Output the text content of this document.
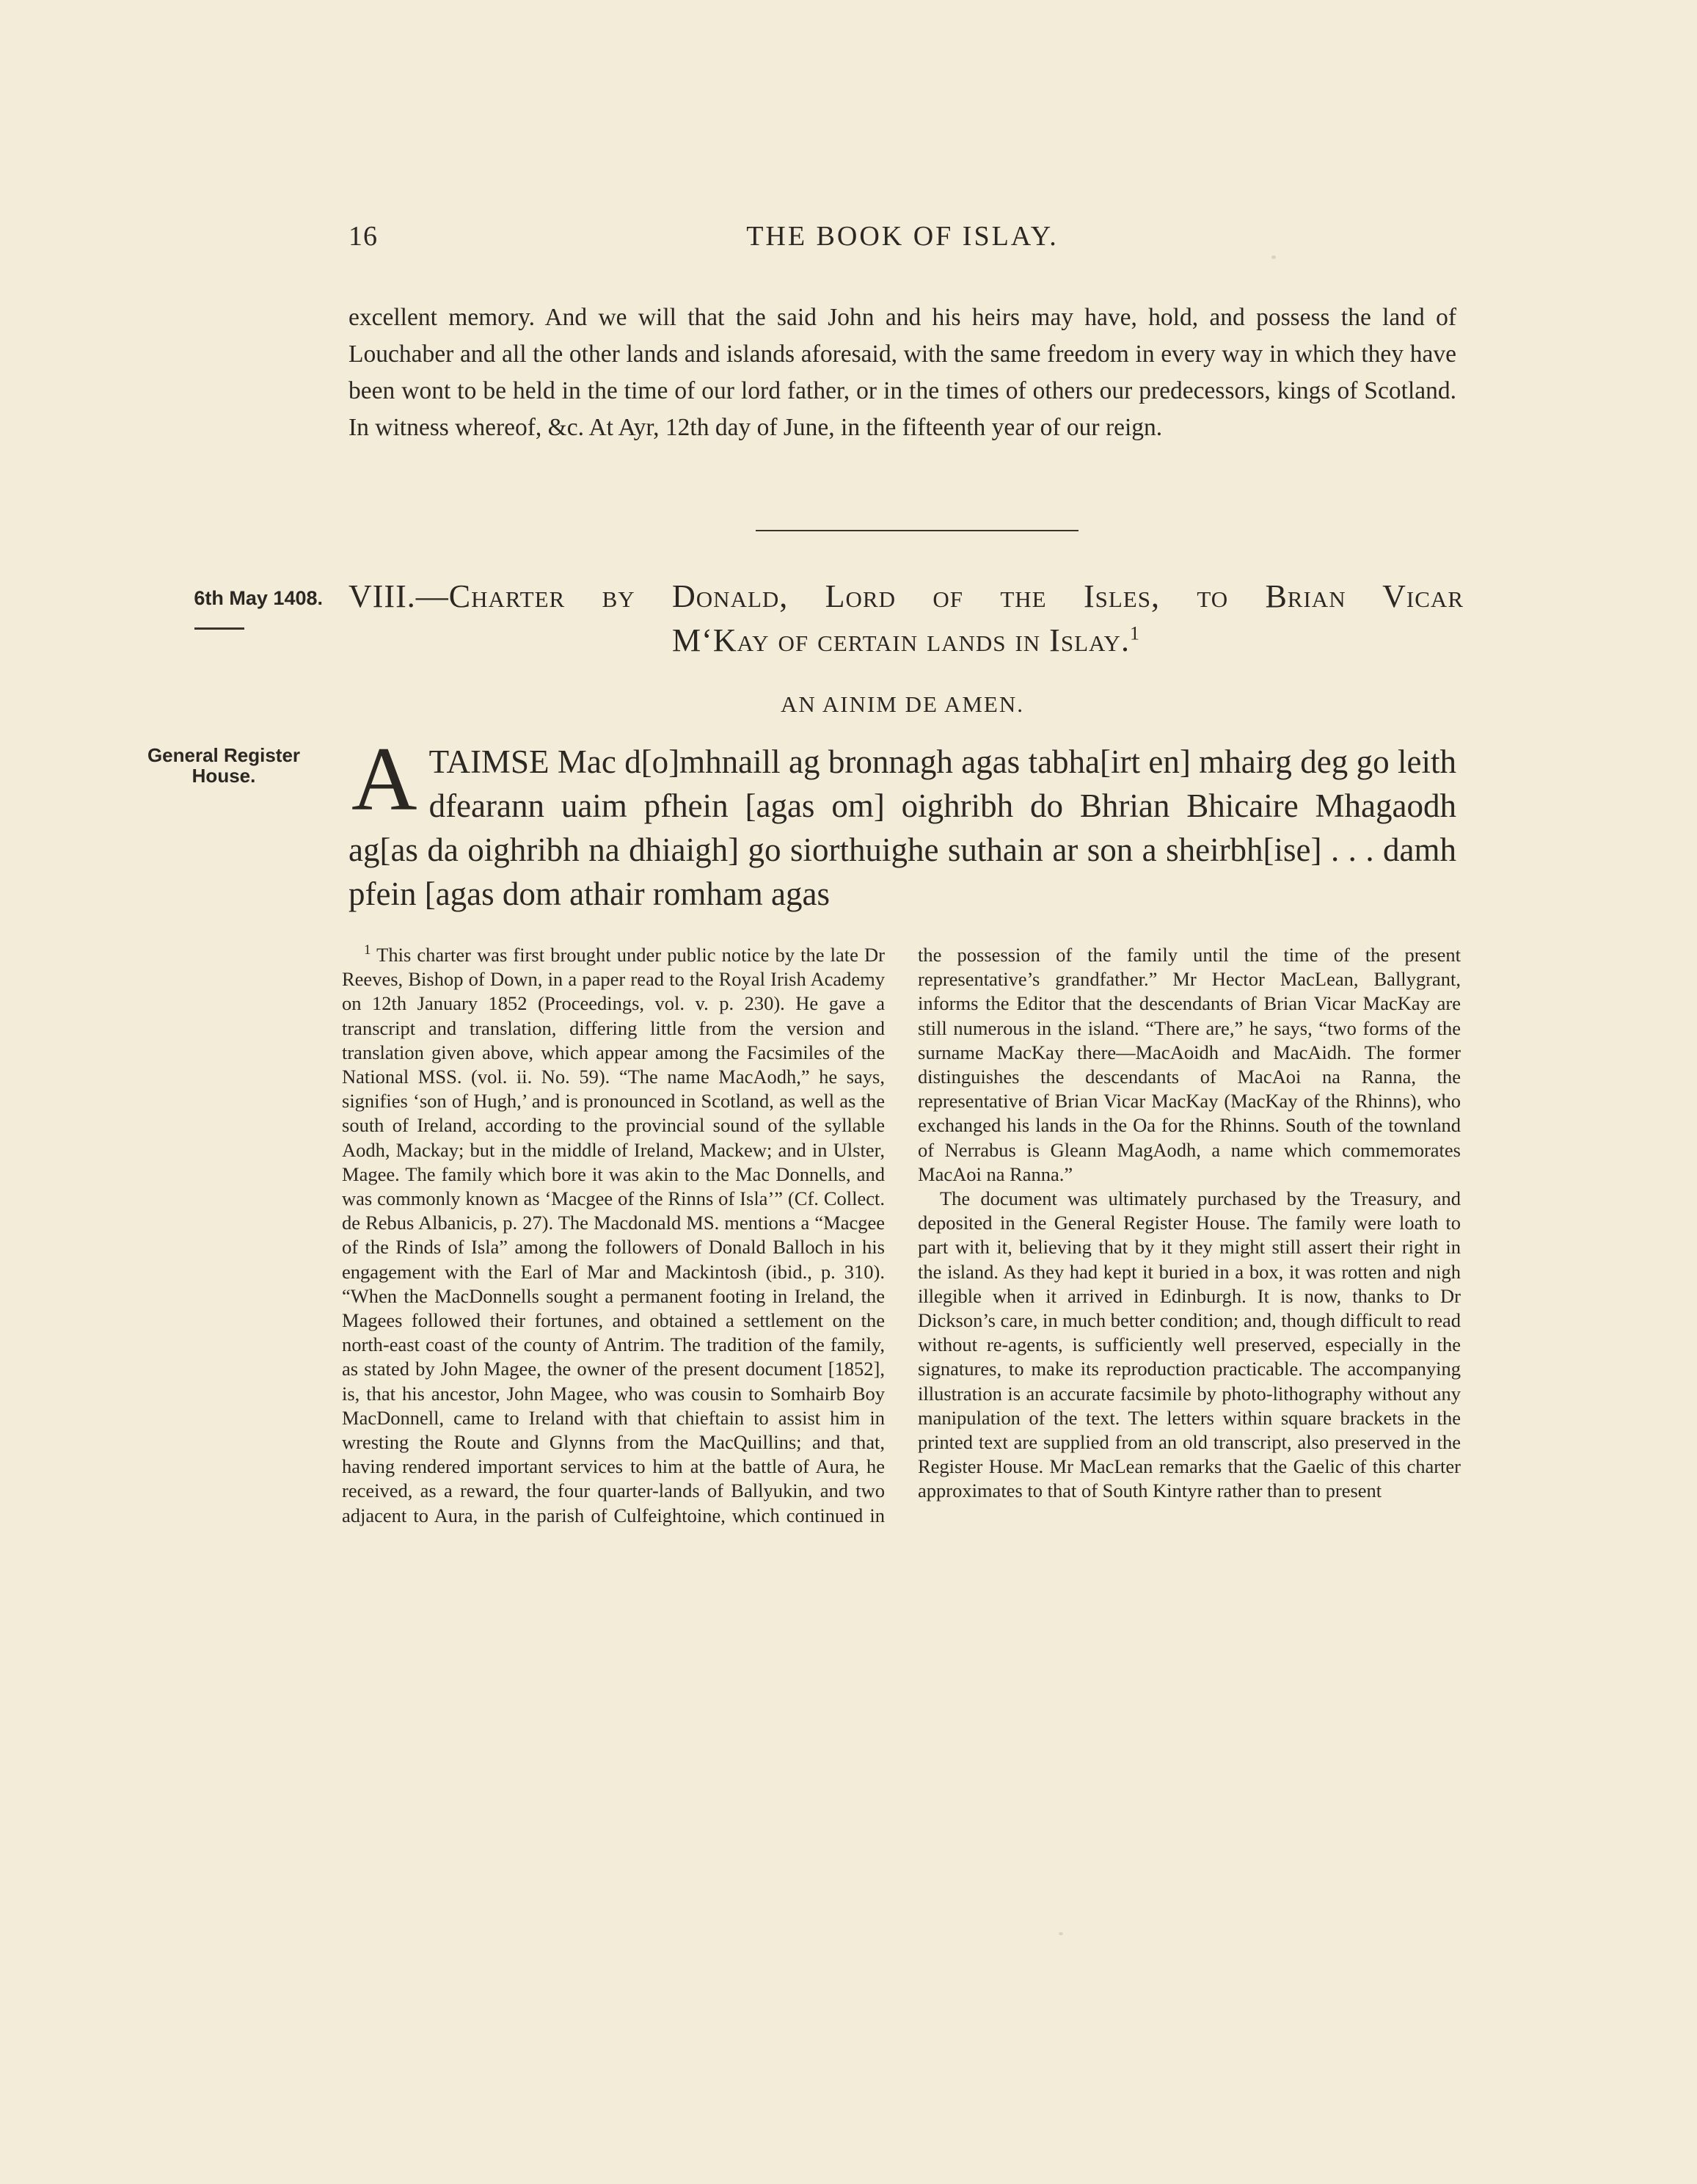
16	THE BOOK OF ISLAY.

excellent memory. And we will that the said John and his heirs may have, hold, and possess the land of Louchaber and all the other lands and islands aforesaid, with the same freedom in every way in which they have been wont to be held in the time of our lord father, or in the times of others our predecessors, kings of Scotland. In witness whereof, &c. At Ayr, 12th day of June, in the fifteenth year of our reign.

6th May 1408.
General Register House.
VIII.—Charter by Donald, Lord of the Isles, to Brian Vicar
M‘Kay of certain lands in Islay.$^1$
AN AINIM DE AMEN.
ATAIMSE Mac d[o]mhnaill ag bronnagh agas tabha[irt en] mhairg deg go leith dfearann uaim pfhein [agas om] oighribh do Bhrian Bhicaire Mhagaodh ag[as da oighribh na dhiaigh] go siorthuighe suthain ar son a sheirbh[ise] . . . damh pfein [agas dom athair romham agas

$^1$ This charter was first brought under public notice by the late Dr Reeves, Bishop of Down, in a paper read to the Royal Irish Academy on 12th January 1852 (Proceedings, vol. v. p. 230). He gave a transcript and translation, differing little from the version and translation given above, which appear among the Facsimiles of the National MSS. (vol. ii. No. 59). “The name MacAodh,” he says, signifies ‘son of Hugh,’ and is pronounced in Scotland, as well as the south of Ireland, according to the provincial sound of the syllable Aodh, Mackay; but in the middle of Ireland, Mackew; and in Ulster, Magee. The family which bore it was akin to the Mac Donnells, and was commonly known as ‘Macgee of the Rinns of Isla’” (Cf. Collect. de Rebus Albanicis, p. 27). The Macdonald MS. mentions a “Macgee of the Rinds of Isla” among the followers of Donald Balloch in his engagement with the Earl of Mar and Mackintosh (ibid., p. 310). “When the MacDonnells sought a permanent footing in Ireland, the Magees followed their fortunes, and obtained a settlement on the north-east coast of the county of Antrim. The tradition of the family, as stated by John Magee, the owner of the present document [1852], is, that his ancestor, John Magee, who was cousin to Somhairb Boy MacDonnell, came to Ireland with that chieftain to assist him in wresting the Route and Glynns from the MacQuillins; and that, having rendered important services to him at the battle of Aura, he received, as a reward, the four quarter-lands of Ballyukin, and two adjacent to Aura, in the parish of Culfeightoine, which continued in the possession of the family until the time of the present representative’s grandfather.” Mr Hector MacLean, Ballygrant, informs the Editor that the descendants of Brian Vicar MacKay are still numerous in the island. “There are,” he says, “two forms of the surname MacKay there—MacAoidh and MacAidh. The former distinguishes the descendants of MacAoi na Ranna, the representative of Brian Vicar MacKay (MacKay of the Rhinns), who exchanged his lands in the Oa for the Rhinns. South of the townland of Nerrabus is Gleann MagAodh, a name which commemorates MacAoi na Ranna.”

The document was ultimately purchased by the Treasury, and deposited in the General Register House. The family were loath to part with it, believing that by it they might still assert their right in the island. As they had kept it buried in a box, it was rotten and nigh illegible when it arrived in Edinburgh. It is now, thanks to Dr Dickson’s care, in much better condition; and, though difficult to read without re-agents, is sufficiently well preserved, especially in the signatures, to make its reproduction practicable. The accompanying illustration is an accurate facsimile by photo-lithography without any manipulation of the text. The letters within square brackets in the printed text are supplied from an old transcript, also preserved in the Register House. Mr MacLean remarks that the Gaelic of this charter approximates to that of South Kintyre rather than to present
